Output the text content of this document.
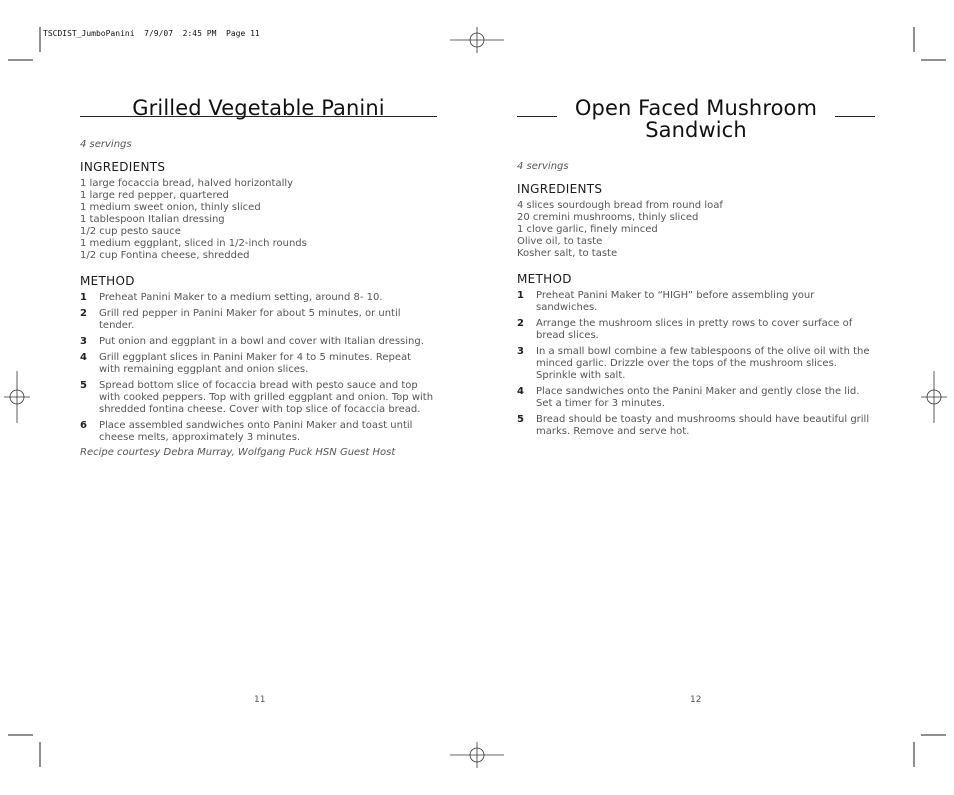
TSCDIST_JumboPanini  7/9/07  2:45 PM  Page 11
Grilled Vegetable Panini
4 servings
INGREDIENTS
1 large focaccia bread, halved horizontally
1 large red pepper, quartered
1 medium sweet onion, thinly sliced
1 tablespoon Italian dressing
1/2 cup pesto sauce
1 medium eggplant, sliced in 1/2-inch rounds
1/2 cup Fontina cheese, shredded
METHOD
1 Preheat Panini Maker to a medium setting, around 8- 10.
2 Grill red pepper in Panini Maker for about 5 minutes, or until tender.
3 Put onion and eggplant in a bowl and cover with Italian dressing.
4 Grill eggplant slices in Panini Maker for 4 to 5 minutes. Repeat with remaining eggplant and onion slices.
5 Spread bottom slice of focaccia bread with pesto sauce and top with cooked peppers. Top with grilled eggplant and onion. Top with shredded fontina cheese. Cover with top slice of focaccia bread.
6 Place assembled sandwiches onto Panini Maker and toast until cheese melts, approximately 3 minutes.
Recipe courtesy Debra Murray, Wolfgang Puck HSN Guest Host
11
Open Faced Mushroom
Sandwich
4 servings
INGREDIENTS
4 slices sourdough bread from round loaf
20 cremini mushrooms, thinly sliced
1 clove garlic, finely minced
Olive oil, to taste
Kosher salt, to taste
METHOD
1 Preheat Panini Maker to “HIGH” before assembling your sandwiches.
2 Arrange the mushroom slices in pretty rows to cover surface of bread slices.
3 In a small bowl combine a few tablespoons of the olive oil with the minced garlic. Drizzle over the tops of the mushroom slices. Sprinkle with salt.
4 Place sandwiches onto the Panini Maker and gently close the lid. Set a timer for 3 minutes.
5 Bread should be toasty and mushrooms should have beautiful grill marks. Remove and serve hot.
12
